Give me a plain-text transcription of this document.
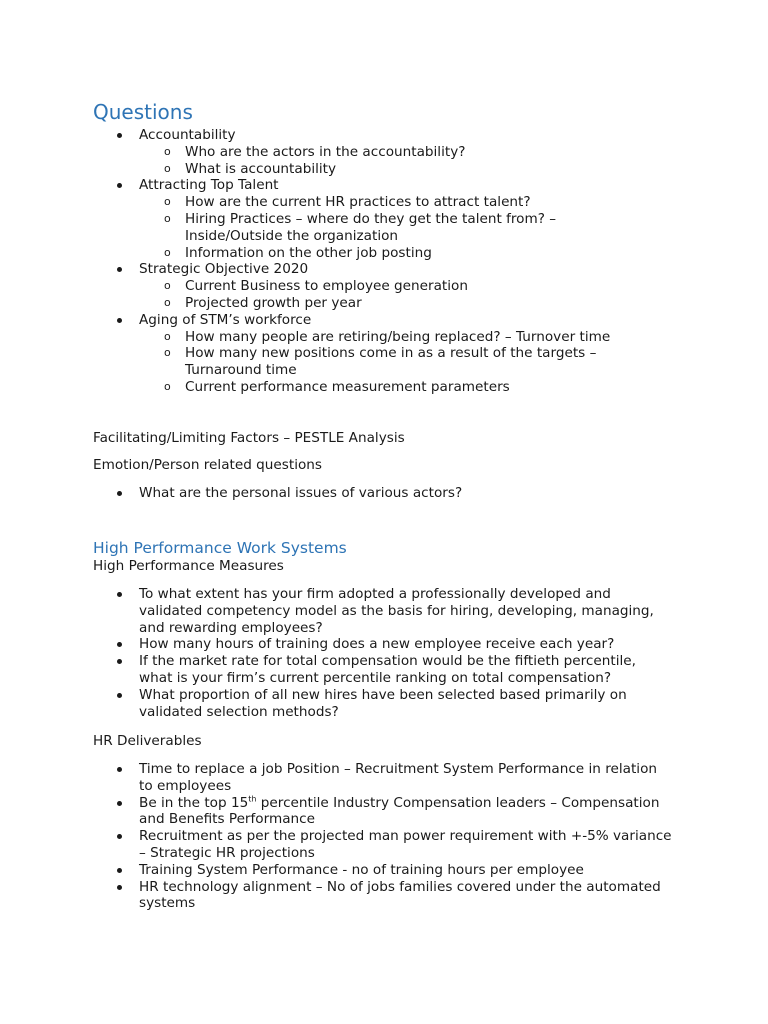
Questions
Accountability
o Who are the actors in the accountability?
o What is accountability
Attracting Top Talent
o How are the current HR practices to attract talent?
o Hiring Practices – where do they get the talent from? – Inside/Outside the organization
o Information on the other job posting
Strategic Objective 2020
o Current Business to employee generation
o Projected growth per year
Aging of STM’s workforce
o How many people are retiring/being replaced? – Turnover time
o How many new positions come in as a result of the targets – Turnaround time
o Current performance measurement parameters
Facilitating/Limiting Factors – PESTLE Analysis
Emotion/Person related questions
What are the personal issues of various actors?
High Performance Work Systems
High Performance Measures
To what extent has your firm adopted a professionally developed and validated competency model as the basis for hiring, developing, managing, and rewarding employees?
How many hours of training does a new employee receive each year?
If the market rate for total compensation would be the fiftieth percentile, what is your firm’s current percentile ranking on total compensation?
What proportion of all new hires have been selected based primarily on validated selection methods?
HR Deliverables
Time to replace a job Position – Recruitment System Performance in relation to employees
Be in the top 15th percentile Industry Compensation leaders – Compensation and Benefits Performance
Recruitment as per the projected man power requirement with +-5% variance – Strategic HR projections
Training System Performance - no of training hours per employee
HR technology alignment – No of jobs families covered under the automated systems
